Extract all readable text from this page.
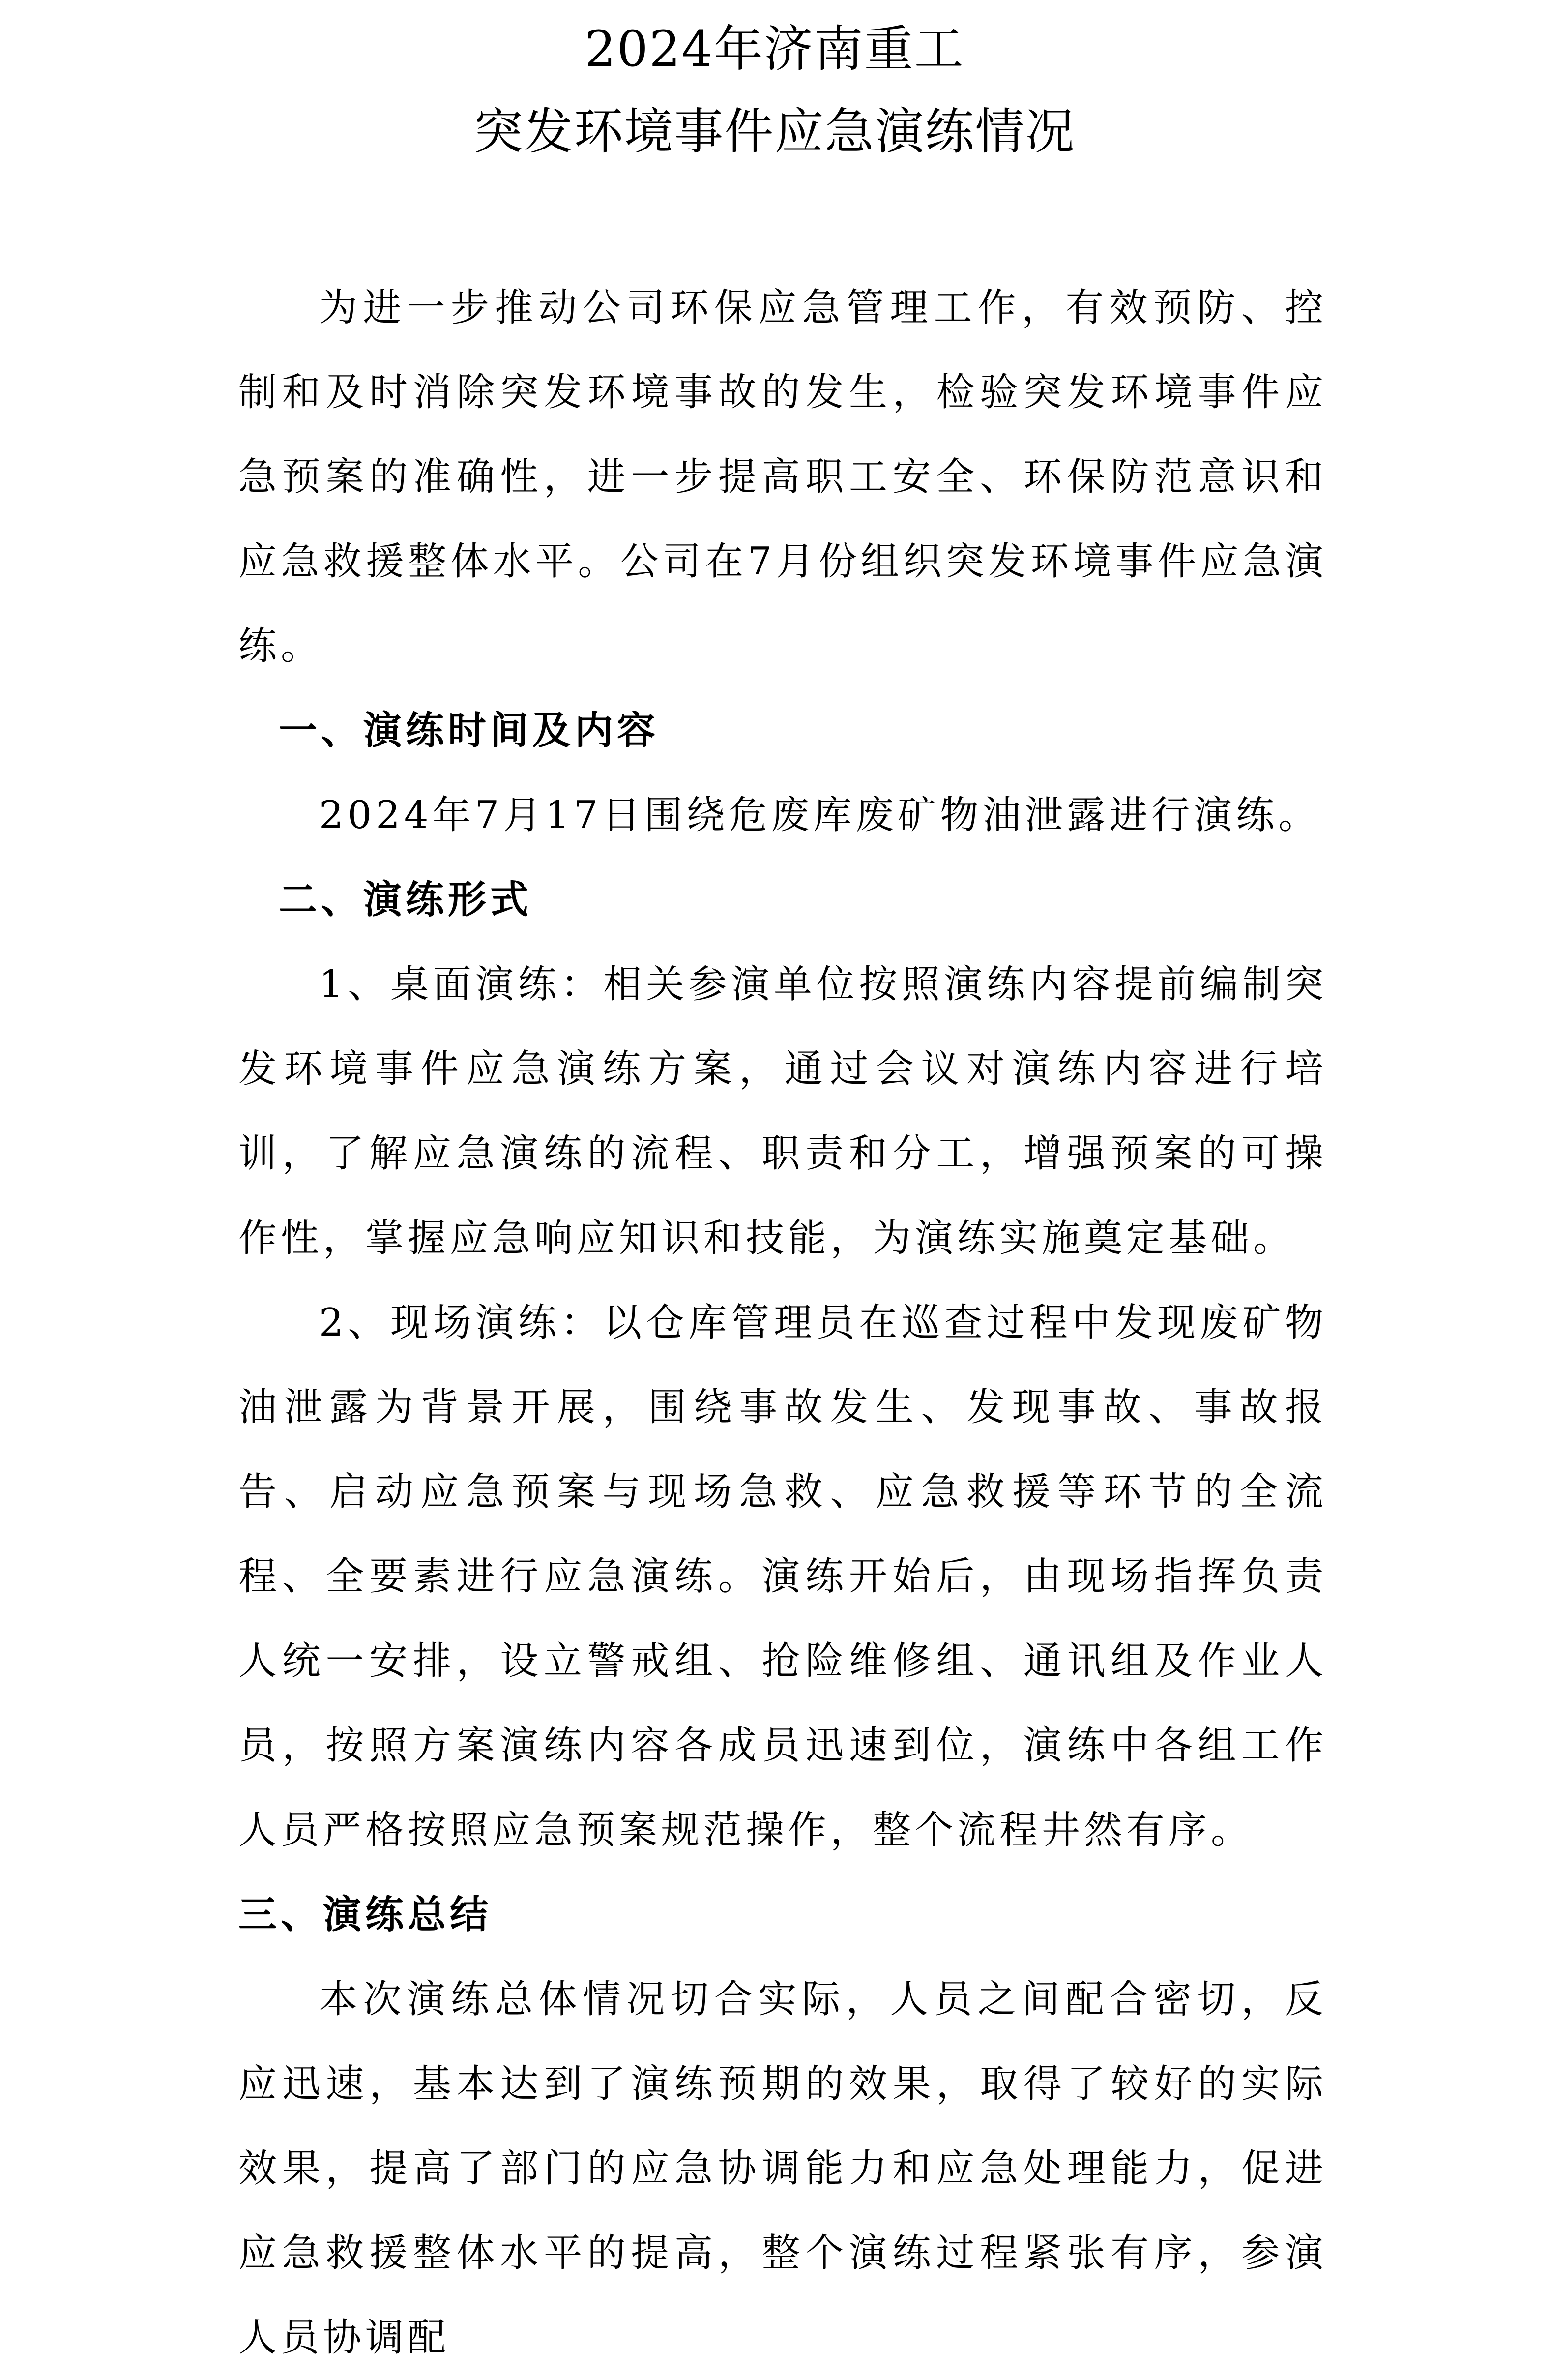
2024年济南重工
突发环境事件应急演练情况

为进一步推动公司环保应急管理工作，有效预防、控制和及时消除突发环境事故的发生，检验突发环境事件应急预案的准确性，进一步提高职工安全、环保防范意识和应急救援整体水平。公司在7月份组织突发环境事件应急演练。

一、演练时间及内容

2024年7月17日围绕危废库废矿物油泄露进行演练。

二、演练形式

1、桌面演练：相关参演单位按照演练内容提前编制突发环境事件应急演练方案，通过会议对演练内容进行培训，了解应急演练的流程、职责和分工，增强预案的可操作性，掌握应急响应知识和技能，为演练实施奠定基础。

2、现场演练：以仓库管理员在巡查过程中发现废矿物油泄露为背景开展，围绕事故发生、发现事故、事故报告、启动应急预案与现场急救、应急救援等环节的全流程、全要素进行应急演练。演练开始后，由现场指挥负责人统一安排，设立警戒组、抢险维修组、通讯组及作业人员，按照方案演练内容各成员迅速到位，演练中各组工作人员严格按照应急预案规范操作，整个流程井然有序。

三、演练总结

本次演练总体情况切合实际，人员之间配合密切，反应迅速，基本达到了演练预期的效果，取得了较好的实际效果，提高了部门的应急协调能力和应急处理能力，促进应急救援整体水平的提高，整个演练过程紧张有序，参演人员协调配
